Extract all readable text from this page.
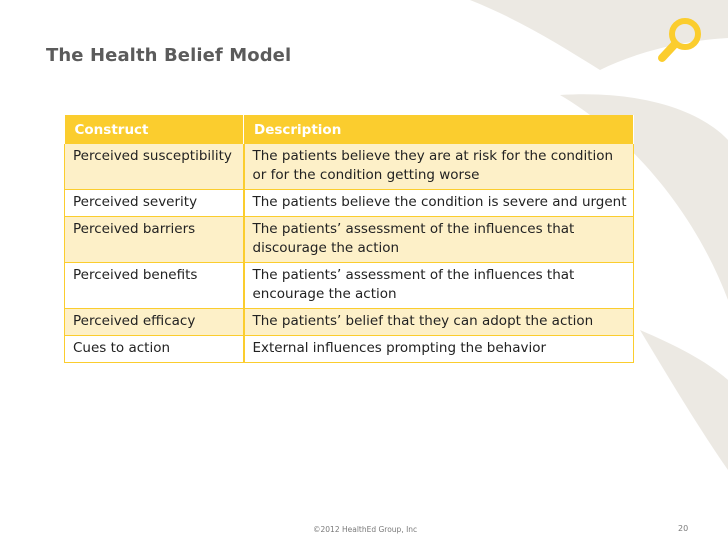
The Health Belief Model
Construct	Description
Perceived susceptibility	The patients believe they are at risk for the condition or for the condition getting worse
Perceived severity	The patients believe the condition is severe and urgent
Perceived barriers	The patients’ assessment of the influences that discourage the action
Perceived benefits	The patients’ assessment of the influences that encourage the action
Perceived efficacy	The patients’ belief that they can adopt the action
Cues to action	External influences prompting the behavior
©2012 HealthEd Group, Inc	20
